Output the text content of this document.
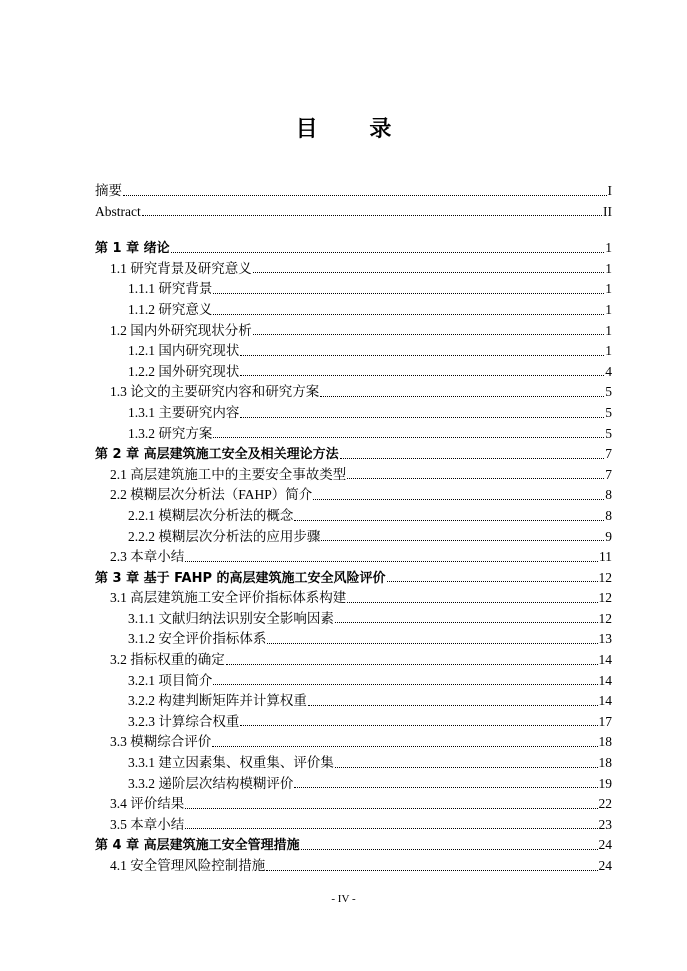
目 录
摘要	I
Abstract	II
第 1 章 绪论	1
1.1 研究背景及研究意义	1
1.1.1 研究背景	1
1.1.2 研究意义	1
1.2 国内外研究现状分析	1
1.2.1 国内研究现状	1
1.2.2 国外研究现状	4
1.3 论文的主要研究内容和研究方案	5
1.3.1 主要研究内容	5
1.3.2 研究方案	5
第 2 章 高层建筑施工安全及相关理论方法	7
2.1 高层建筑施工中的主要安全事故类型	7
2.2 模糊层次分析法（FAHP）简介	8
2.2.1 模糊层次分析法的概念	8
2.2.2 模糊层次分析法的应用步骤	9
2.3 本章小结	11
第 3 章 基于 FAHP 的高层建筑施工安全风险评价	12
3.1 高层建筑施工安全评价指标体系构建	12
3.1.1 文献归纳法识别安全影响因素	12
3.1.2 安全评价指标体系	13
3.2 指标权重的确定	14
3.2.1 项目简介	14
3.2.2 构建判断矩阵并计算权重	14
3.2.3 计算综合权重	17
3.3 模糊综合评价	18
3.3.1 建立因素集、权重集、评价集	18
3.3.2 递阶层次结构模糊评价	19
3.4 评价结果	22
3.5 本章小结	23
第 4 章 高层建筑施工安全管理措施	24
4.1 安全管理风险控制措施	24
- IV -
